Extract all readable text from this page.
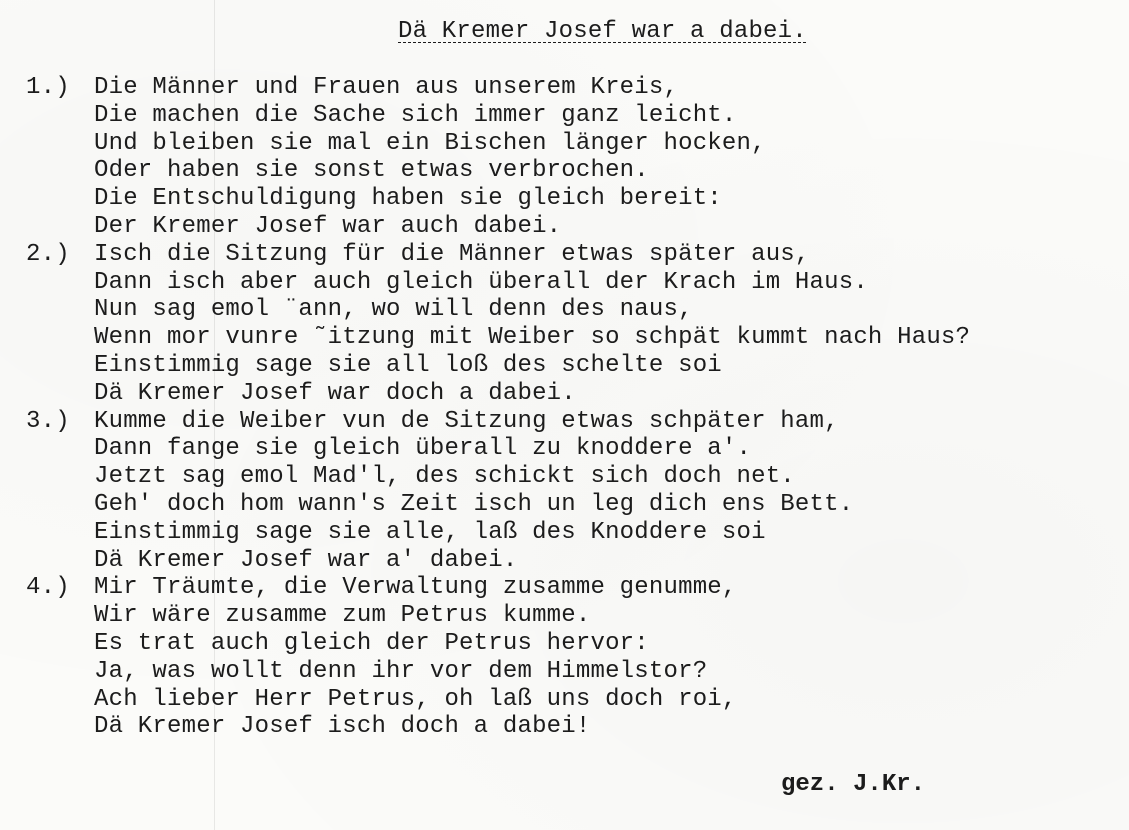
Dä Kremer Josef war a dabei.
1.)	Die Männer und Frauen aus unserem Kreis,
Die machen die Sache sich immer ganz leicht.
Und bleiben sie mal ein Bischen länger hocken,
Oder haben sie sonst etwas verbrochen.
Die Entschuldigung haben sie gleich bereit:
Der Kremer Josef war auch dabei.
2.)	Isch die Sitzung für die Männer etwas später aus,
Dann isch aber auch gleich überall der Krach im Haus.
Nun sag emol ¨ann, wo will denn des naus,
Wenn mor vunre ˜itzung mit Weiber so schpät kummt nach Haus?
Einstimmig sage sie all loß des schelte soi
Dä Kremer Josef war doch a dabei.
3.)	Kumme die Weiber vun de Sitzung etwas schpäter ham,
Dann fange sie gleich überall zu knoddere a'.
Jetzt sag emol Mad'l, des schickt sich doch net.
Geh' doch hom wann's Zeit isch un leg dich ens Bett.
Einstimmig sage sie alle, laß des Knoddere soi
Dä Kremer Josef war a' dabei.
4.)	Mir Träumte, die Verwaltung zusamme genumme,
Wir wäre zusamme zum Petrus kumme.
Es trat auch gleich der Petrus hervor:
Ja, was wollt denn ihr vor dem Himmelstor?
Ach lieber Herr Petrus, oh laß uns doch roi,
Dä Kremer Josef isch doch a dabei!
gez. J.Kr.
